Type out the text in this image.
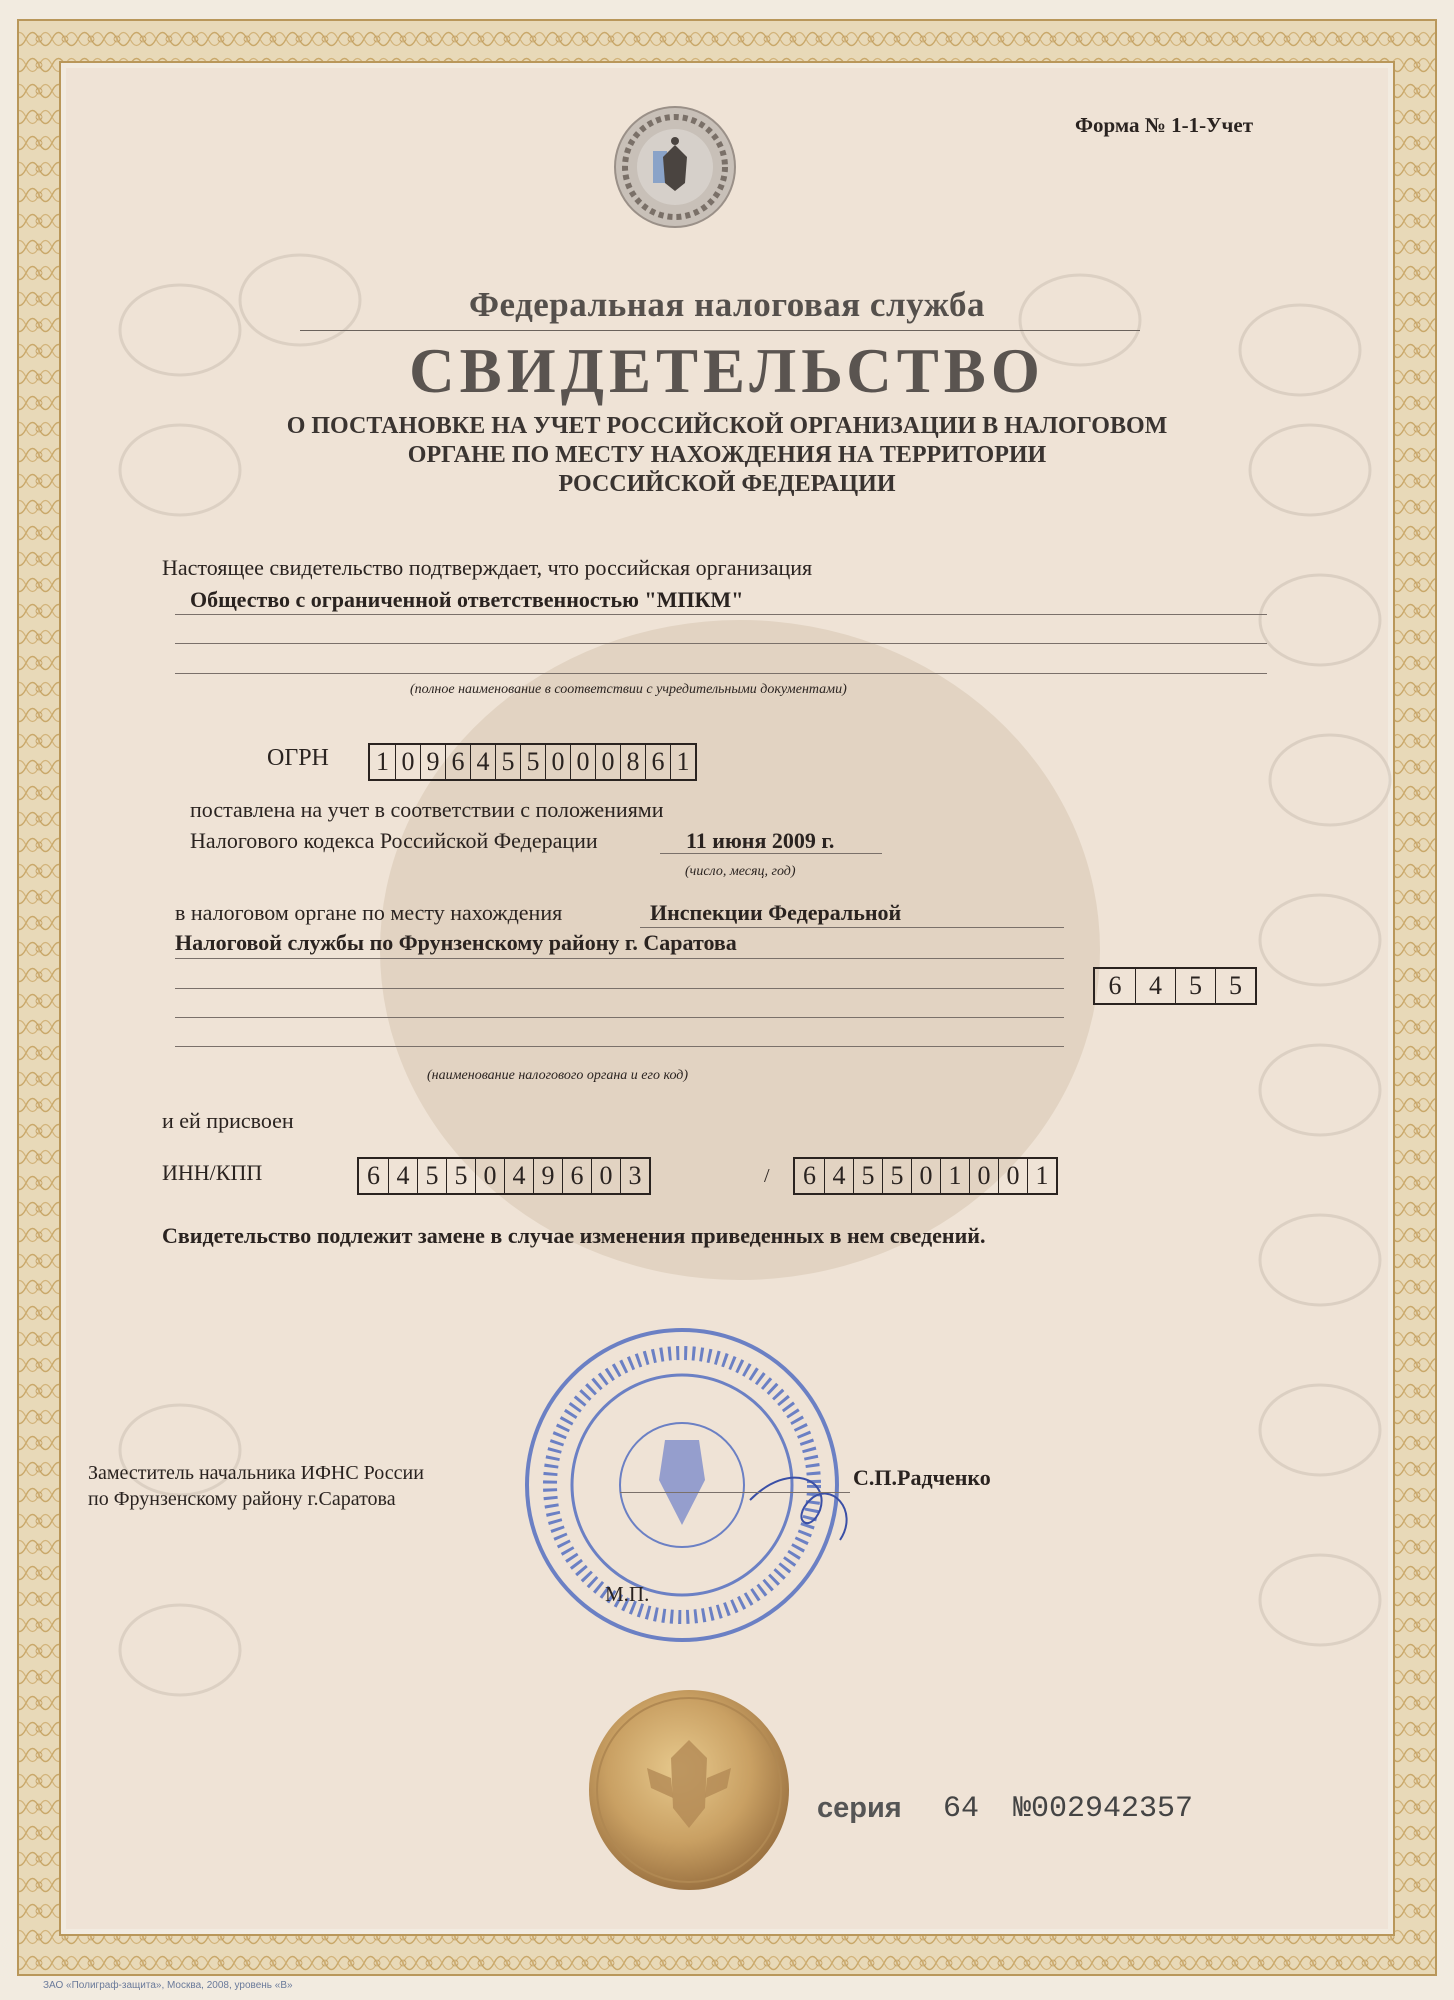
Форма № 1-1-Учет
Федеральная налоговая служба
СВИДЕТЕЛЬСТВО
О ПОСТАНОВКЕ НА УЧЕТ РОССИЙСКОЙ ОРГАНИЗАЦИИ В НАЛОГОВОМ
ОРГАНЕ ПО МЕСТУ НАХОЖДЕНИЯ НА ТЕРРИТОРИИ
РОССИЙСКОЙ ФЕДЕРАЦИИ
Настоящее свидетельство подтверждает, что российская организация
Общество с ограниченной ответственностью "МПКМ"
(полное наименование в соответствии с учредительными документами)
ОГРН 1 0 9 6 4 5 5 0 0 0 8 6 1
поставлена на учет в соответствии с положениями
Налогового кодекса Российской Федерации	11 июня 2009 г.
(число, месяц, год)
в налоговом органе по месту нахождения	Инспекции Федеральной
Налоговой службы по Фрунзенскому району г. Саратова
6	4	5	5
(наименование налогового органа и его код)
и ей присвоен
ИНН/КПП	6 4 5 5 0 4 9 6 0 3	/	6 4 5 5 0 1 0 0 1
Свидетельство подлежит замене в случае изменения приведенных в нем сведений.
Заместитель начальника ИФНС России
по Фрунзенскому району г.Саратова
С.П.Радченко
М.П.
серия 64 №002942357
ЗАО «Полиграф-защита», Москва, 2008, уровень «В»
